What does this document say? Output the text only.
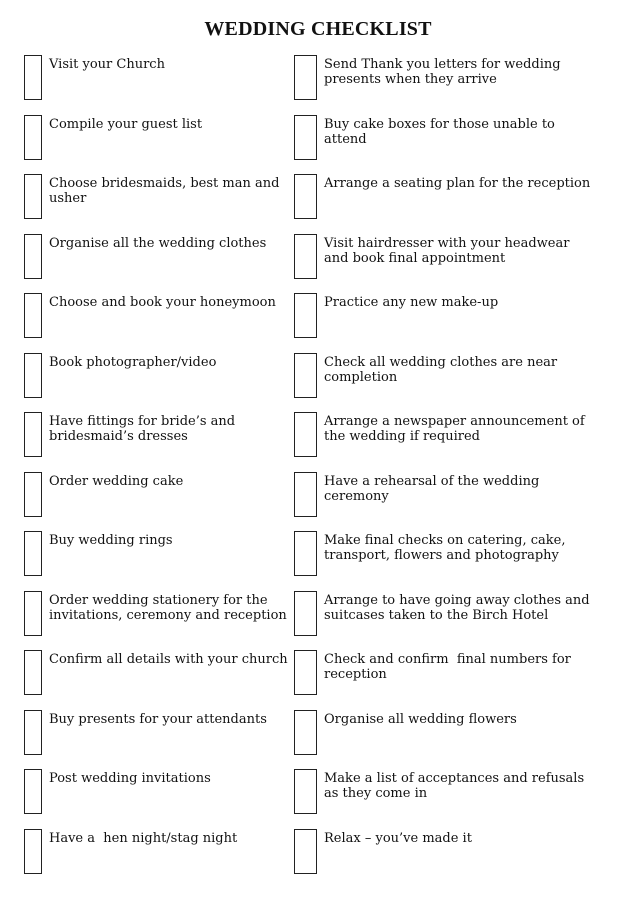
WEDDING CHECKLIST
Visit your Church
Compile your guest list
Choose bridesmaids, best man and usher
Organise all the wedding clothes
Choose and book your honeymoon
Book photographer/video
Have fittings for bride’s and bridesmaid’s dresses
Order wedding cake
Buy wedding rings
Order wedding stationery for the invitations, ceremony and reception
Confirm all details with your church
Buy presents for your attendants
Post wedding invitations
Have a  hen night/stag night
Send Thank you letters for wedding presents when they arrive
Buy cake boxes for those unable to attend
Arrange a seating plan for the reception
Visit hairdresser with your headwear and book final appointment
Practice any new make-up
Check all wedding clothes are near completion
Arrange a newspaper announcement of the wedding if required
Have a rehearsal of the wedding ceremony
Make final checks on catering, cake, transport, flowers and photography
Arrange to have going away clothes and suitcases taken to the Birch Hotel
Check and confirm  final numbers for reception
Organise all wedding flowers
Make a list of acceptances and refusals as they come in
Relax – you’ve made it
